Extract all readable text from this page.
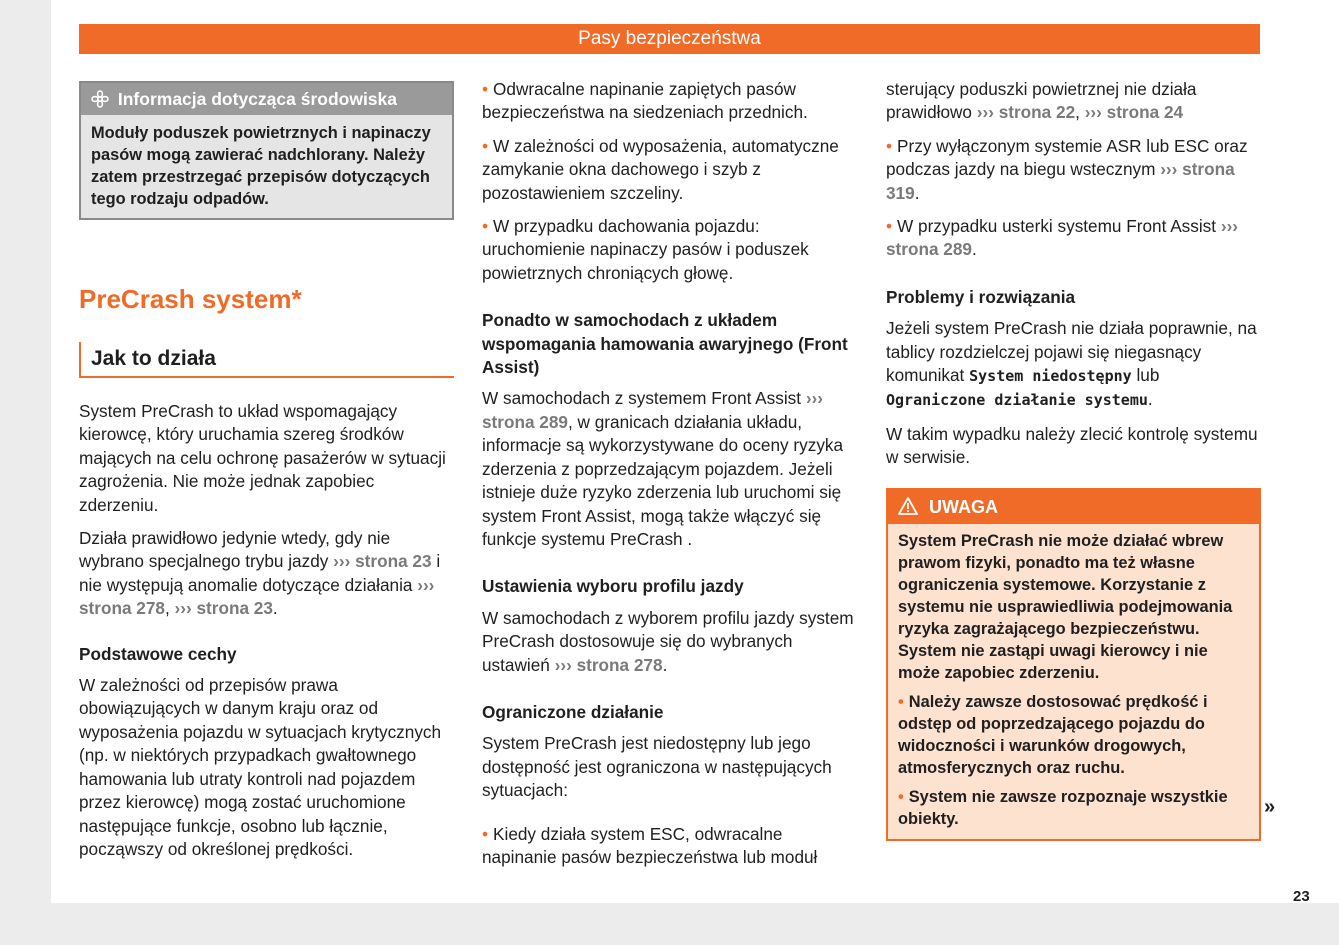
Pasy bezpieczeństwa
Informacja dotycząca środowiska
Moduły poduszek powietrznych i napinaczy pasów mogą zawierać nadchlorany. Należy zatem przestrzegać przepisów dotyczących tego rodzaju odpadów.
PreCrash system*
Jak to działa

System PreCrash to układ wspomagający kierowcę, który uruchamia szereg środków mających na celu ochronę pasażerów w sytuacji zagrożenia. Nie może jednak zapobiec zderzeniu.

Działa prawidłowo jedynie wtedy, gdy nie wybrano specjalnego trybu jazdy ››› strona 23 i nie występują anomalie dotyczące działania ››› strona 278, ››› strona 23.

Podstawowe cechy

W zależności od przepisów prawa obowiązujących w danym kraju oraz od wyposażenia pojazdu w sytuacjach krytycznych (np. w niektórych przypadkach gwałtownego hamowania lub utraty kontroli nad pojazdem przez kierowcę) mogą zostać uruchomione następujące funkcje, osobno lub łącznie, począwszy od określonej prędkości.

• Odwracalne napinanie zapiętych pasów bezpieczeństwa na siedzeniach przednich.

• W zależności od wyposażenia, automatyczne zamykanie okna dachowego i szyb z pozostawieniem szczeliny.

• W przypadku dachowania pojazdu: uruchomienie napinaczy pasów i poduszek powietrznych chroniących głowę.

Ponadto w samochodach z układem wspomagania hamowania awaryjnego (Front Assist)

W samochodach z systemem Front Assist ››› strona 289, w granicach działania układu, informacje są wykorzystywane do oceny ryzyka zderzenia z poprzedzającym pojazdem. Jeżeli istnieje duże ryzyko zderzenia lub uruchomi się system Front Assist, mogą także włączyć się funkcje systemu PreCrash .

Ustawienia wyboru profilu jazdy

W samochodach z wyborem profilu jazdy system PreCrash dostosowuje się do wybranych ustawień ››› strona 278.

Ograniczone działanie

System PreCrash jest niedostępny lub jego dostępność jest ograniczona w następujących sytuacjach:

• Kiedy działa system ESC, odwracalne napinanie pasów bezpieczeństwa lub moduł

sterujący poduszki powietrznej nie działa prawidłowo ››› strona 22, ››› strona 24

• Przy wyłączonym systemie ASR lub ESC oraz podczas jazdy na biegu wstecznym ››› strona 319.

• W przypadku usterki systemu Front Assist ››› strona 289.

Problemy i rozwiązania

Jeżeli system PreCrash nie działa poprawnie, na tablicy rozdzielczej pojawi się niegasnący komunikat System niedostępny lub Ograniczone działanie systemu.

W takim wypadku należy zlecić kontrolę systemu w serwisie.

UWAGA

System PreCrash nie może działać wbrew prawom fizyki, ponadto ma też własne ograniczenia systemowe. Korzystanie z systemu nie usprawiedliwia podejmowania ryzyka zagrażającego bezpieczeństwu. System nie zastąpi uwagi kierowcy i nie może zapobiec zderzeniu.

• Należy zawsze dostosować prędkość i odstęp od poprzedzającego pojazdu do widoczności i warunków drogowych, atmosferycznych oraz ruchu.

• System nie zawsze rozpoznaje wszystkie obiekty.

»
23
